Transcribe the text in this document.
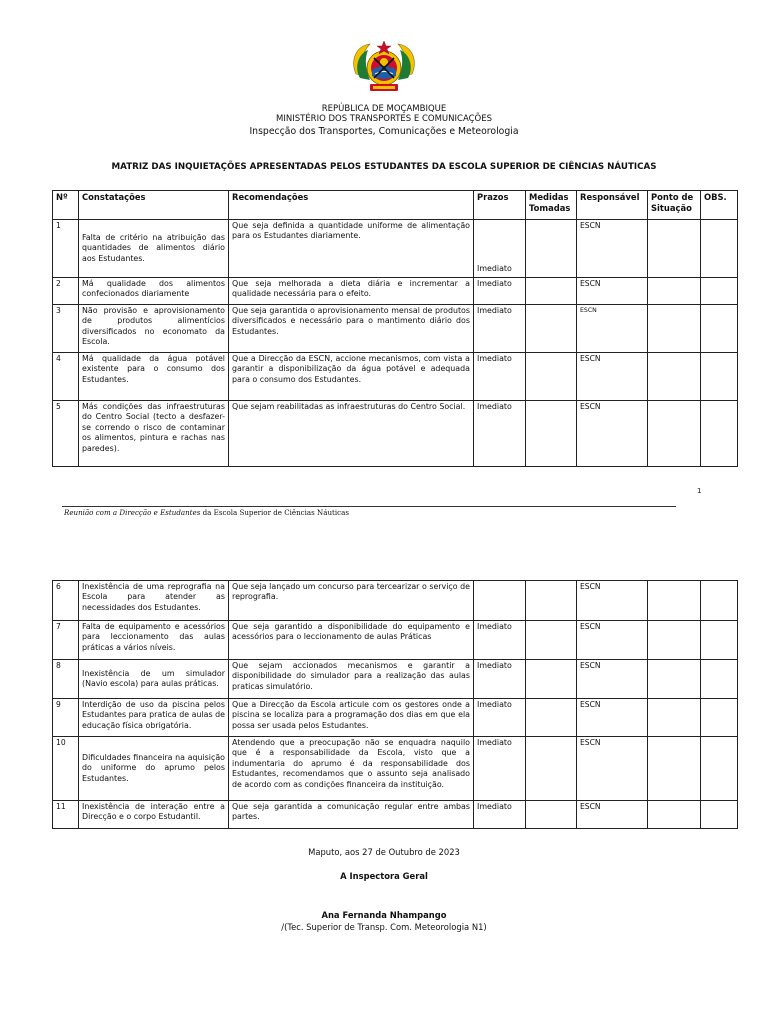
REPÚBLICA DE MOÇAMBIQUE
MINISTÉRIO DOS TRANSPORTES E COMUNICAÇÕES
Inspecção dos Transportes, Comunicações e Meteorologia
MATRIZ DAS INQUIETAÇÕES APRESENTADAS PELOS ESTUDANTES DA ESCOLA SUPERIOR DE CIÊNCIAS NÁUTICAS
Nº	Constatações	Recomendações	Prazos	Medidas Tomadas	Responsável	Ponto de Situação	OBS.
1	Falta de critério na atribuição das quantidades de alimentos diário aos Estudantes.	Que seja definida a quantidade uniforme de alimentação para os Estudantes diariamente.	Imediato		ESCN		
2	Má qualidade dos alimentos confecionados diariamente	Que seja melhorada a dieta diária e incrementar a qualidade necessária para o efeito.	Imediato		ESCN		
3	Não provisão e aprovisionamento de produtos alimentícios diversificados no economato da Escola.	Que seja garantida o aprovisionamento mensal de produtos diversificados e necessário para o mantimento diário dos Estudantes.	Imediato		ESCN		
4	Má qualidade da água potável existente para o consumo dos Estudantes.	Que a Direcção da ESCN, accione mecanismos, com vista a garantir a disponibilização da água potável e adequada para o consumo dos Estudantes.	Imediato		ESCN		
5	Más condições das infraestruturas do Centro Social (tecto a desfazer-se correndo o risco de contaminar os alimentos, pintura e rachas nas paredes).	Que sejam reabilitadas as infraestruturas do Centro Social.	Imediato		ESCN		
1
Reunião com a Direcção e Estudantes da Escola Superior de Ciências Náuticas
6	Inexistência de uma reprografia na Escola para atender as necessidades dos Estudantes.	Que seja lançado um concurso para tercearizar o serviço de reprografia.			ESCN		
7	Falta de equipamento e acessórios para leccionamento das aulas práticas a vários níveis.	Que seja garantido a disponibilidade do equipamento e acessórios para o leccionamento de aulas Práticas	Imediato		ESCN		
8	Inexistência de um simulador (Navio escola) para aulas práticas.	Que sejam accionados mecanismos e garantir a disponibilidade do simulador para a realização das aulas praticas simulatório.	Imediato		ESCN		
9	Interdição de uso da piscina pelos Estudantes para pratica de aulas de educação física obrigatória.	Que a Direcção da Escola articule com os gestores onde a piscina se localiza para a programação dos dias em que ela possa ser usada pelos Estudantes.	Imediato		ESCN		
10	Dificuldades financeira na aquisição do uniforme do aprumo pelos Estudantes.	Atendendo que a preocupação não se enquadra naquilo que é a responsabilidade da Escola, visto que a indumentaria do aprumo é da responsabilidade dos Estudantes, recomendamos que o assunto seja analisado de acordo com as condições financeira da instituição.	Imediato		ESCN		
11	Inexistência de interação entre a Direcção e o corpo Estudantil.	Que seja garantida a comunicação regular entre ambas partes.	Imediato		ESCN		
Maputo, aos 27 de Outubro de 2023
A Inspectora Geral
Ana Fernanda Nhampango
/(Tec. Superior de Transp. Com. Meteorologia N1)
